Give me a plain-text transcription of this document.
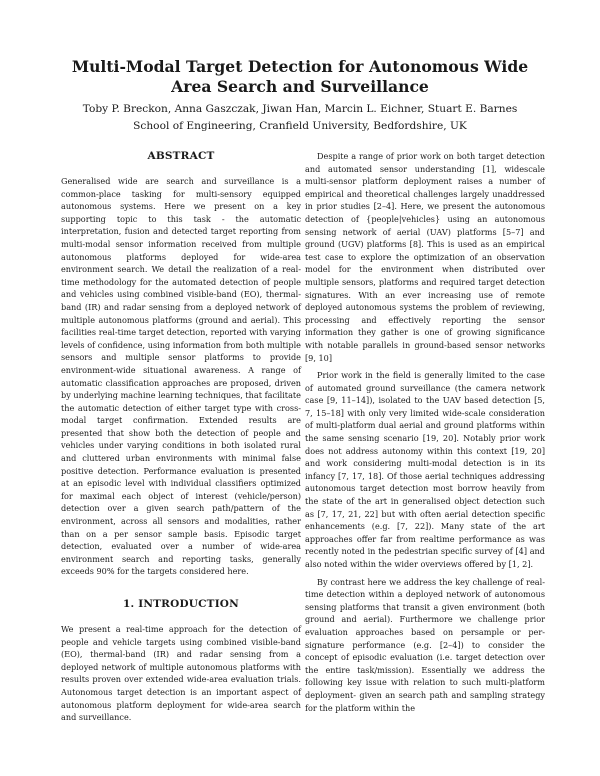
Multi-Modal Target Detection for Autonomous Wide Area Search and Surveillance
Toby P. Breckon, Anna Gaszczak, Jiwan Han, Marcin L. Eichner, Stuart E. Barnes
School of Engineering, Cranfield University, Bedfordshire, UK
ABSTRACT

Generalised wide are search and surveillance is a common-place tasking for multi-sensory equipped autonomous systems. Here we present on a key supporting topic to this task - the automatic interpretation, fusion and detected target reporting from multi-modal sensor information received from multiple autonomous platforms deployed for wide-area environment search. We detail the realization of a real-time methodology for the automated detection of people and vehicles using combined visible-band (EO), thermal-band (IR) and radar sensing from a deployed network of multiple autonomous platforms (ground and aerial). This facilities real-time target detection, reported with varying levels of confidence, using information from both multiple sensors and multiple sensor platforms to provide environment-wide situational awareness. A range of automatic classification approaches are proposed, driven by underlying machine learning techniques, that facilitate the automatic detection of either target type with cross-modal target confirmation. Extended results are presented that show both the detection of people and vehicles under varying conditions in both isolated rural and cluttered urban environments with minimal false positive detection. Performance evaluation is presented at an episodic level with individual classifiers optimized for maximal each object of interest (vehicle/person) detection over a given search path/pattern of the environment, across all sensors and modalities, rather than on a per sensor sample basis. Episodic target detection, evaluated over a number of wide-area environment search and reporting tasks, generally exceeds 90% for the targets considered here.

1. INTRODUCTION

We present a real-time approach for the detection of people and vehicle targets using combined visible-band (EO), thermal-band (IR) and radar sensing from a deployed network of multiple autonomous platforms with results proven over extended wide-area evaluation trials. Autonomous target detection is an important aspect of autonomous platform deployment for wide-area search and surveillance.

Despite a range of prior work on both target detection and automated sensor understanding [1], widescale multi-sensor platform deployment raises a number of empirical and theoretical challenges largely unaddressed in prior studies [2–4]. Here, we present the autonomous detection of {people|vehicles} using an autonomous sensing network of aerial (UAV) platforms [5–7] and ground (UGV) platforms [8]. This is used as an empirical test case to explore the optimization of an observation model for the environment when distributed over multiple sensors, platforms and required target detection signatures. With an ever increasing use of remote deployed autonomous systems the problem of reviewing, processing and effectively reporting the sensor information they gather is one of growing significance with notable parallels in ground-based sensor networks [9, 10]

Prior work in the field is generally limited to the case of automated ground surveillance (the camera network case [9, 11–14]), isolated to the UAV based detection [5, 7, 15–18] with only very limited wide-scale consideration of multi-platform dual aerial and ground platforms within the same sensing scenario [19, 20]. Notably prior work does not address autonomy within this context [19, 20] and work considering multi-modal detection is in its infancy [7, 17, 18]. Of those aerial techniques addressing autonomous target detection most borrow heavily from the state of the art in generalised object detection such as [7, 17, 21, 22] but with often aerial detection specific enhancements (e.g. [7, 22]). Many state of the art approaches offer far from realtime performance as was recently noted in the pedestrian specific survey of [4] and also noted within the wider overviews offered by [1, 2].

By contrast here we address the key challenge of real-time detection within a deployed network of autonomous sensing platforms that transit a given environment (both ground and aerial). Furthermore we challenge prior evaluation approaches based on persample or per-signature performance (e.g. [2–4]) to consider the concept of episodic evaluation (i.e. target detection over the entire task/mission). Essentially we address the following key issue with relation to such multi-platform deployment- given an search path and sampling strategy for the platform within the
